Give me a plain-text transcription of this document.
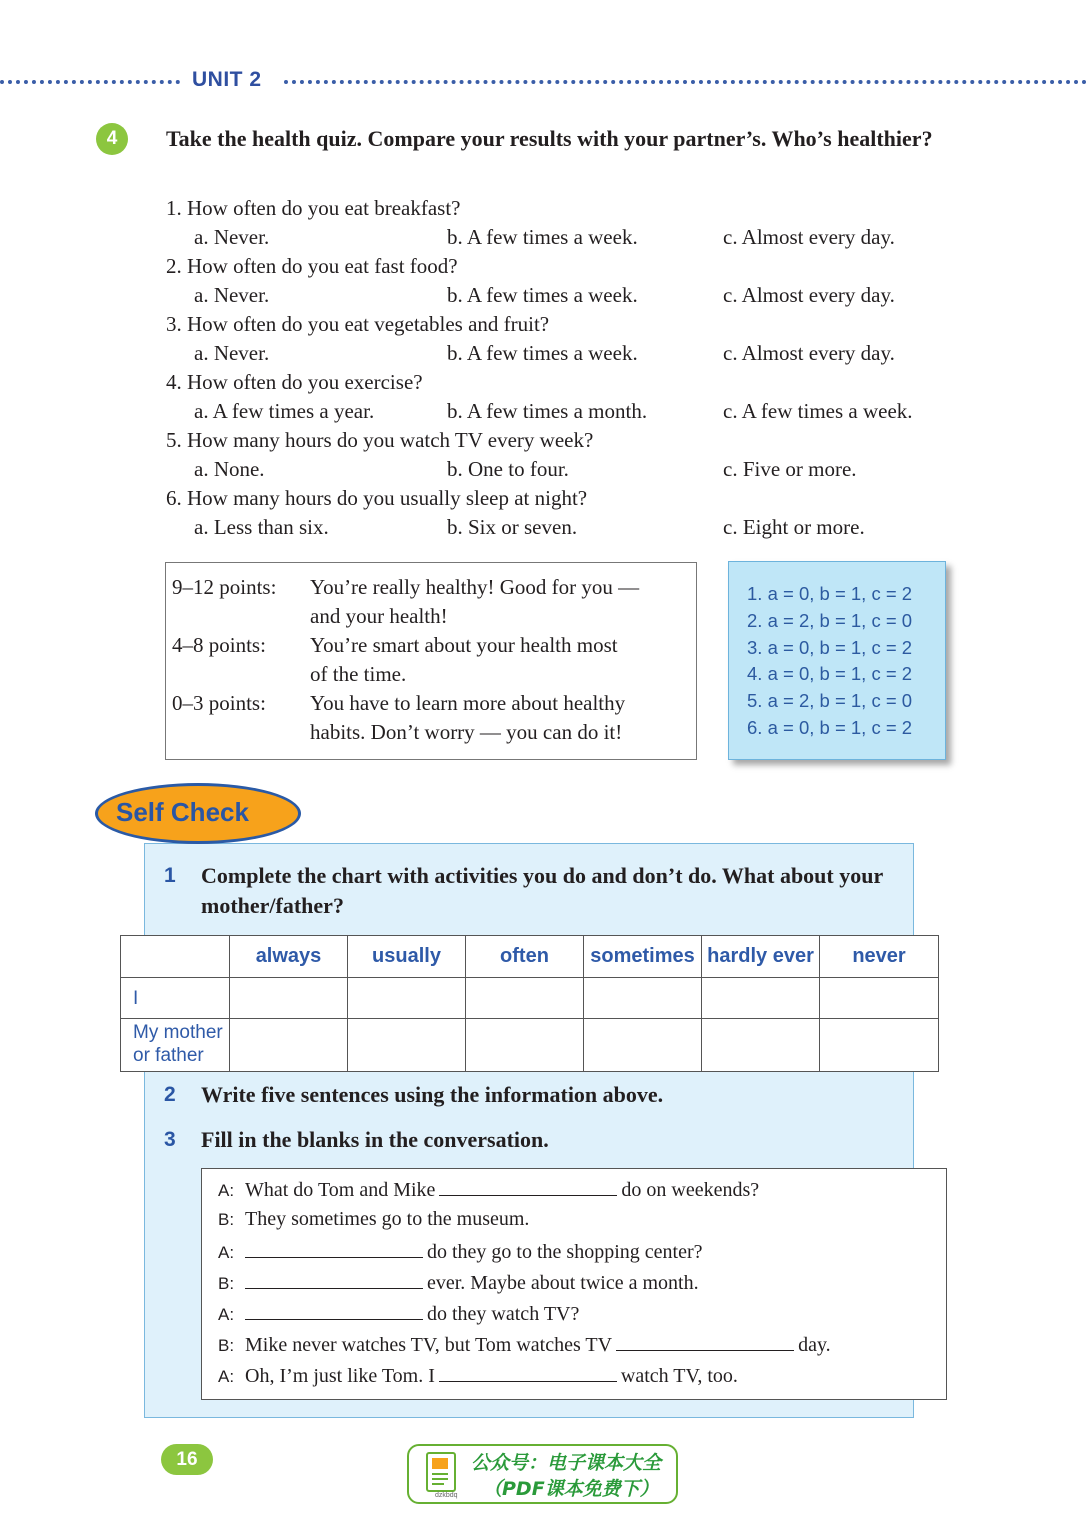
UNIT 2
4	Take the health quiz. Compare your results with your partner’s. Who’s healthier?
1. How often do you eat breakfast?
a. Never.	b. A few times a week.	c. Almost every day.
2. How often do you eat fast food?
a. Never.	b. A few times a week.	c. Almost every day.
3. How often do you eat vegetables and fruit?
a. Never.	b. A few times a week.	c. Almost every day.
4. How often do you exercise?
a. A few times a year.	b. A few times a month.	c. A few times a week.
5. How many hours do you watch TV every week?
a. None.	b. One to four.	c. Five or more.
6. How many hours do you usually sleep at night?
a. Less than six.	b. Six or seven.	c. Eight or more.
9–12 points: You’re really healthy! Good for you —
and your health!
4–8 points: You’re smart about your health most
of the time.
0–3 points: You have to learn more about healthy
habits. Don’t worry — you can do it!
1. a = 0, b = 1, c = 2
2. a = 2, b = 1, c = 0
3. a = 0, b = 1, c = 2
4. a = 0, b = 1, c = 2
5. a = 2, b = 1, c = 0
6. a = 0, b = 1, c = 2
Self Check
1 Complete the chart with activities you do and don’t do. What about your mother/father?
	always	usually	often	sometimes	hardly ever	never
I						

My mother
or father						

2 Write five sentences using the information above.
3 Fill in the blanks in the conversation.
A: What do Tom and Mike	do on weekends?
B: They sometimes go to the museum.
A:	do they go to the shopping center?
B:	ever. Maybe about twice a month.
A:	do they watch TV?
B: Mike never watches TV, but Tom watches TV	day.
A: Oh, I’m just like Tom. I	watch TV, too.
16
dzkbdq
公众号：电子课本大全
（PDF课本免费下）
